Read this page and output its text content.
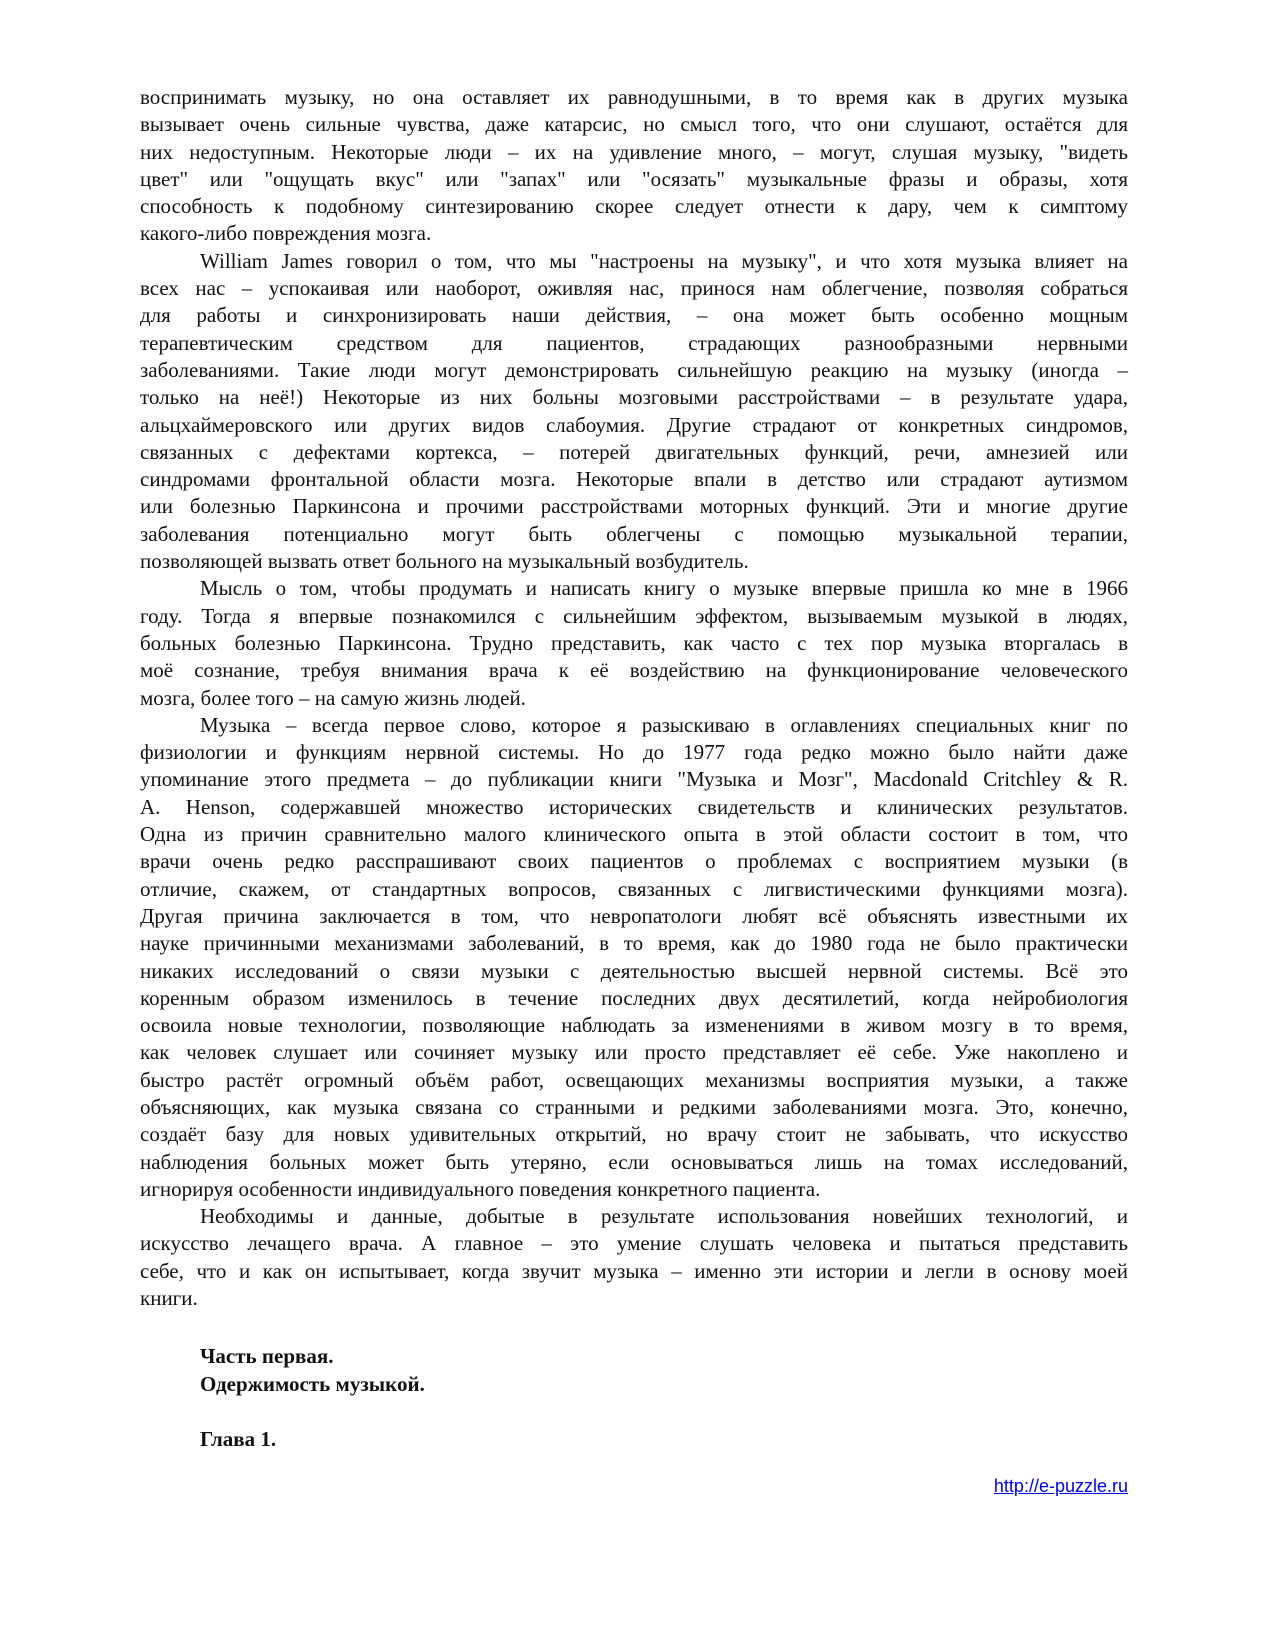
воспринимать музыку, но она оставляет их равнодушными, в то время как в других музыка
вызывает очень сильные чувства, даже катарсис, но смысл того, что они слушают, остаётся для
них недоступным. Некоторые люди – их на удивление много, – могут, слушая музыку, "видеть
цвет" или "ощущать вкус" или "запах" или "осязать" музыкальные фразы и образы, хотя
способность к подобному синтезированию скорее следует отнести к дару, чем к симптому
какого-либо повреждения мозга.
William James говорил о том, что мы "настроены на музыку", и что хотя музыка влияет на
всех нас – успокаивая или наоборот, оживляя нас, принося нам облегчение, позволяя собраться
для работы и синхронизировать наши действия, – она может быть особенно мощным
терапевтическим средством для пациентов, страдающих разнообразными нервными
заболеваниями. Такие люди могут демонстрировать сильнейшую реакцию на музыку (иногда –
только на неё!) Некоторые из них больны мозговыми расстройствами – в результате удара,
альцхаймеровского или других видов слабоумия. Другие страдают от конкретных синдромов,
связанных с дефектами кортекса, – потерей двигательных функций, речи, амнезией или
синдромами фронтальной области мозга. Некоторые впали в детство или страдают аутизмом
или болезнью Паркинсона и прочими расстройствами моторных функций. Эти и многие другие
заболевания потенциально могут быть облегчены с помощью музыкальной терапии,
позволяющей вызвать ответ больного на музыкальный возбудитель.
Мысль о том, чтобы продумать и написать книгу о музыке впервые пришла ко мне в 1966
году. Тогда я впервые познакомился с сильнейшим эффектом, вызываемым музыкой в людях,
больных болезнью Паркинсона. Трудно представить, как часто с тех пор музыка вторгалась в
моё сознание, требуя внимания врача к её воздействию на функционирование человеческого
мозга, более того – на самую жизнь людей.
Музыка – всегда первое слово, которое я разыскиваю в оглавлениях специальных книг по
физиологии и функциям нервной системы. Но до 1977 года редко можно было найти даже
упоминание этого предмета – до публикации книги "Музыка и Мозг", Macdonald Critchley & R.
A. Henson, содержавшей множество исторических свидетельств и клинических результатов.
Одна из причин сравнительно малого клинического опыта в этой области состоит в том, что
врачи очень редко расспрашивают своих пациентов о проблемах с восприятием музыки (в
отличие, скажем, от стандартных вопросов, связанных с лигвистическими функциями мозга).
Другая причина заключается в том, что невропатологи любят всё объяснять известными их
науке причинными механизмами заболеваний, в то время, как до 1980 года не было практически
никаких исследований о связи музыки с деятельностью высшей нервной системы. Всё это
коренным образом изменилось в течение последних двух десятилетий, когда нейробиология
освоила новые технологии, позволяющие наблюдать за изменениями в живом мозгу в то время,
как человек слушает или сочиняет музыку или просто представляет её себе. Уже накоплено и
быстро растёт огромный объём работ, освещающих механизмы восприятия музыки, а также
объясняющих, как музыка связана со странными и редкими заболеваниями мозга. Это, конечно,
создаёт базу для новых удивительных открытий, но врачу стоит не забывать, что искусство
наблюдения больных может быть утеряно, если основываться лишь на томах исследований,
игнорируя особенности индивидуального поведения конкретного пациента.
Необходимы и данные, добытые в результате использования новейших технологий, и
искусство лечащего врача. А главное – это умение слушать человека и пытаться представить
себе, что и как он испытывает, когда звучит музыка – именно эти истории и легли в основу моей
книги.
Часть первая.
Одержимость музыкой.
Глава 1.
http://e-puzzle.ru
